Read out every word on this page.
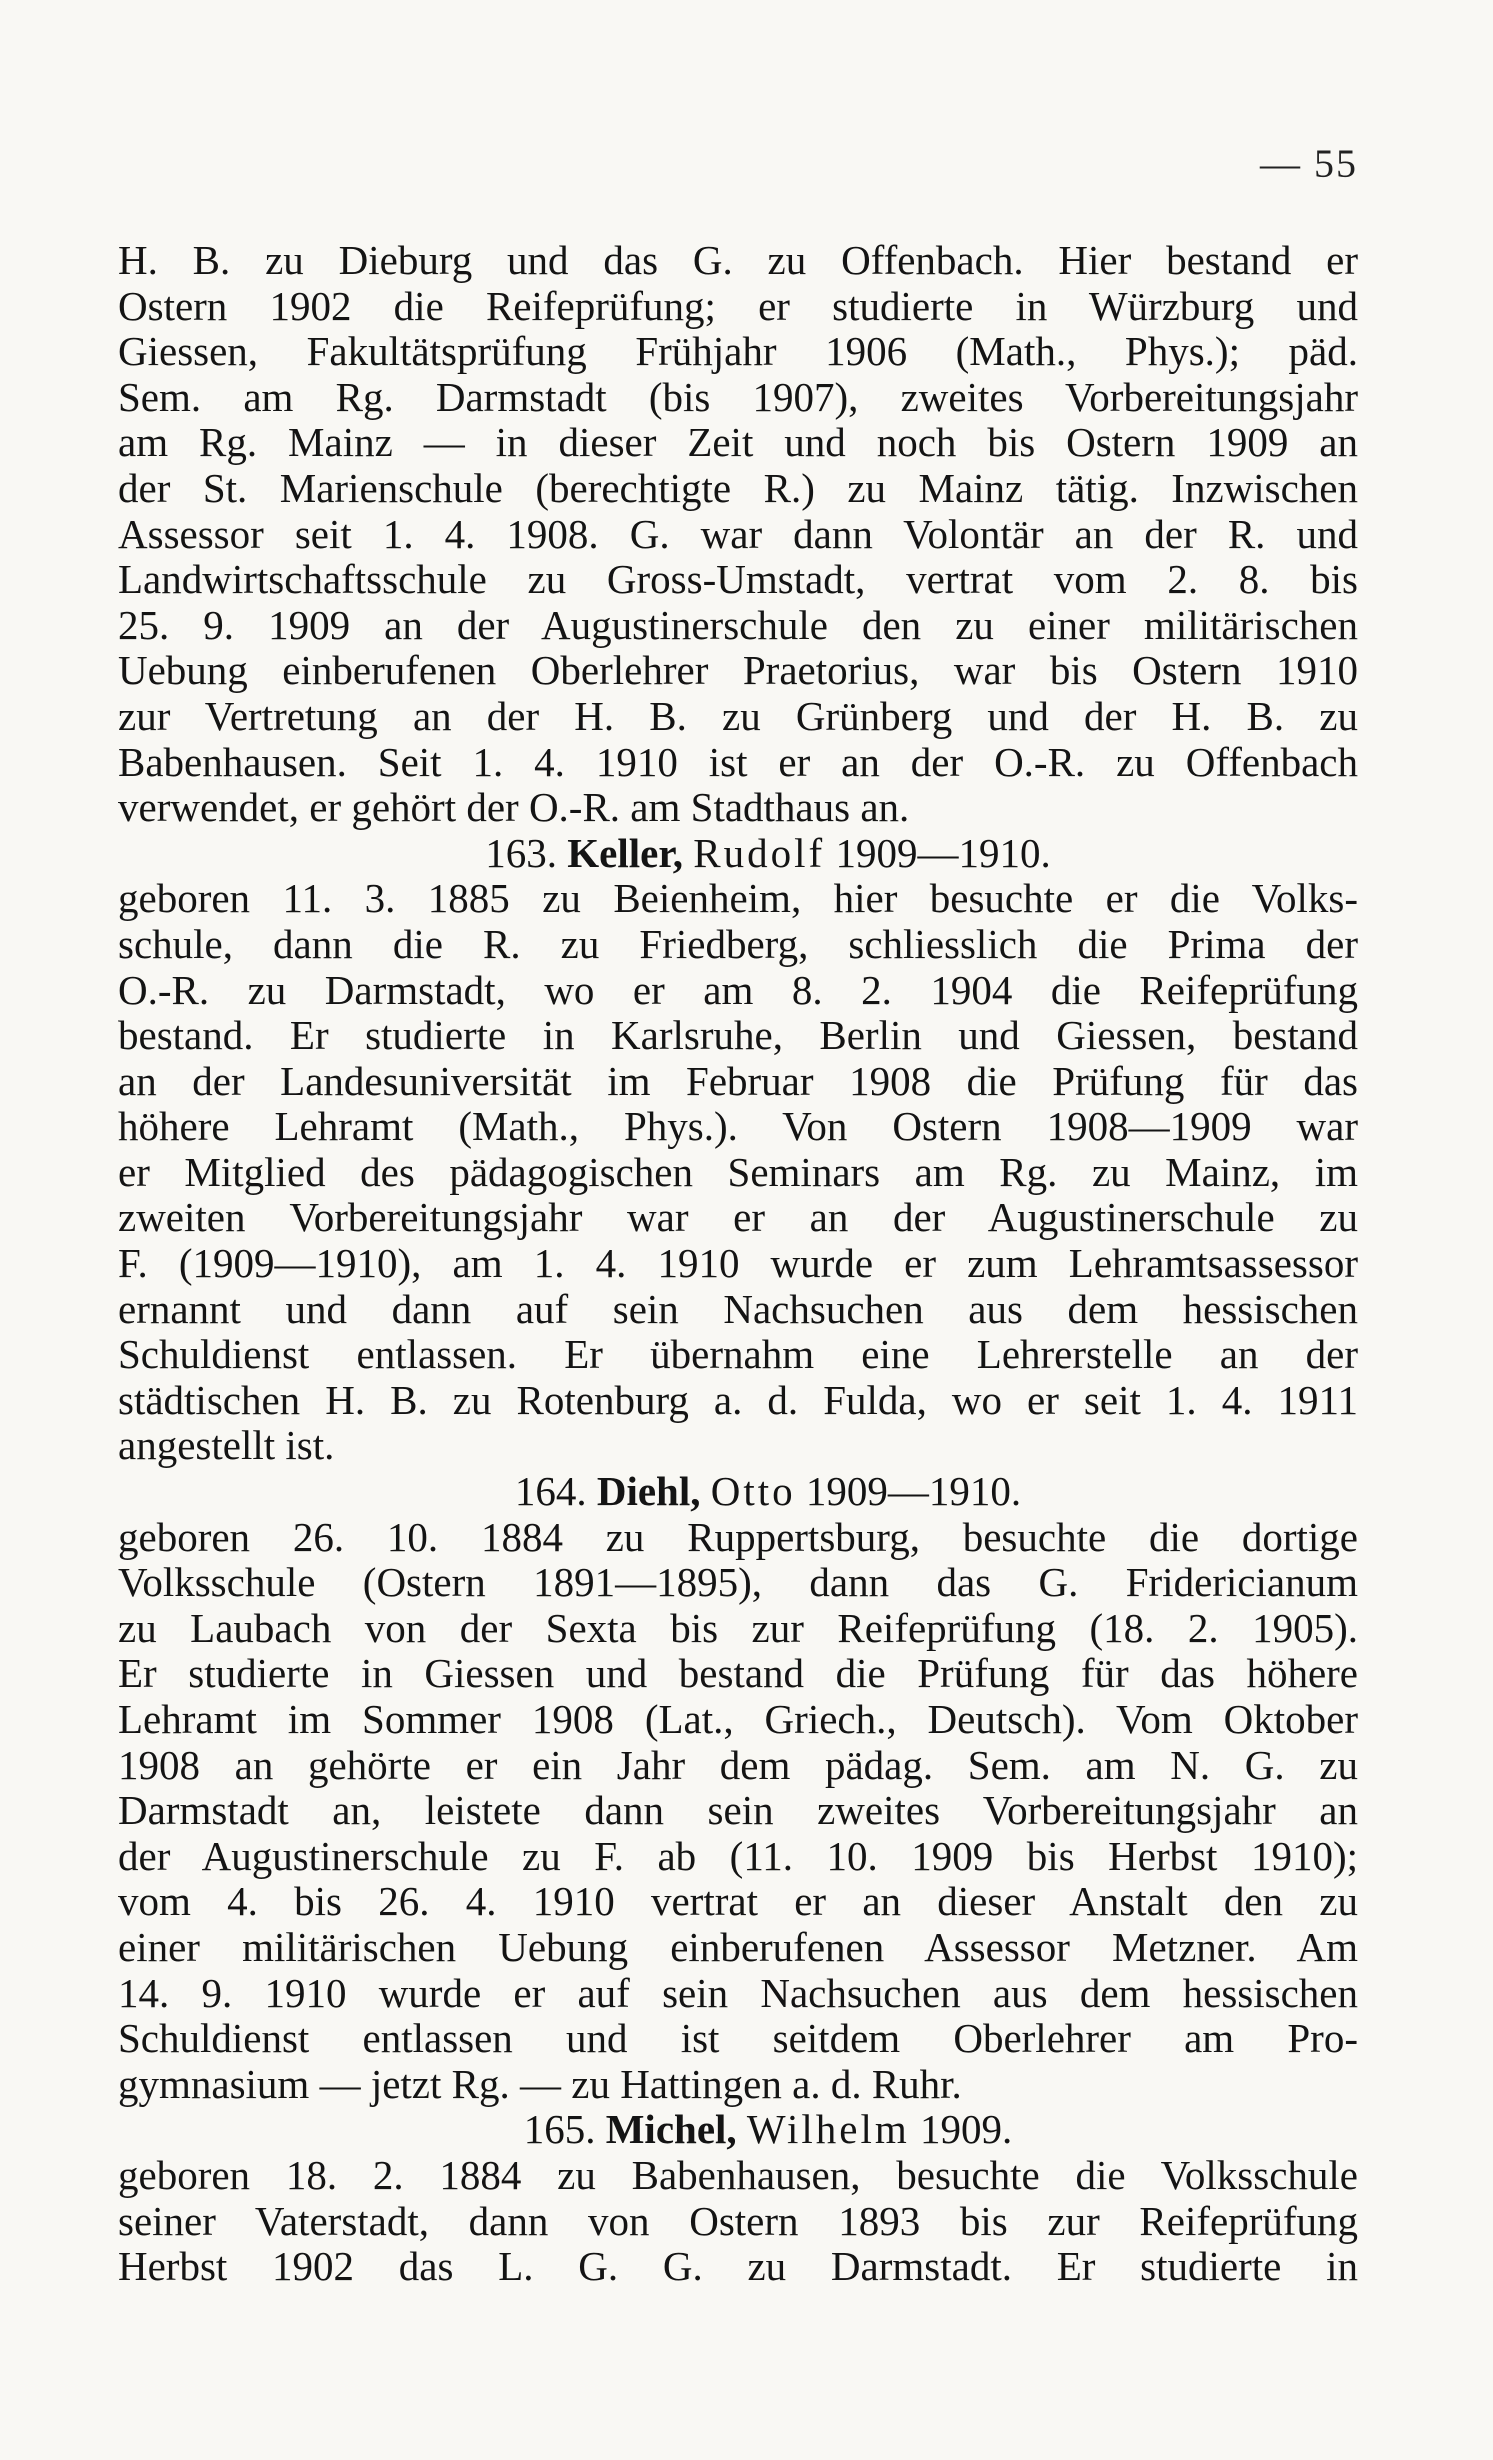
— 55
H. B. zu Dieburg und das G. zu Offenbach. Hier bestand er
Ostern 1902 die Reifeprüfung; er studierte in Würzburg und
Giessen, Fakultätsprüfung Frühjahr 1906 (Math., Phys.); päd.
Sem. am Rg. Darmstadt (bis 1907), zweites Vorbereitungsjahr
am Rg. Mainz — in dieser Zeit und noch bis Ostern 1909 an
der St. Marienschule (berechtigte R.) zu Mainz tätig. Inzwischen
Assessor seit 1. 4. 1908. G. war dann Volontär an der R. und
Landwirtschaftsschule zu Gross-Umstadt, vertrat vom 2. 8. bis
25. 9. 1909 an der Augustinerschule den zu einer militärischen
Uebung einberufenen Oberlehrer Praetorius, war bis Ostern 1910
zur Vertretung an der H. B. zu Grünberg und der H. B. zu
Babenhausen. Seit 1. 4. 1910 ist er an der O.-R. zu Offenbach
verwendet, er gehört der O.-R. am Stadthaus an.
163. Keller, Rudolf 1909—1910.
geboren 11. 3. 1885 zu Beienheim, hier besuchte er die Volks-
schule, dann die R. zu Friedberg, schliesslich die Prima der
O.-R. zu Darmstadt, wo er am 8. 2. 1904 die Reifeprüfung
bestand. Er studierte in Karlsruhe, Berlin und Giessen, bestand
an der Landesuniversität im Februar 1908 die Prüfung für das
höhere Lehramt (Math., Phys.). Von Ostern 1908—1909 war
er Mitglied des pädagogischen Seminars am Rg. zu Mainz, im
zweiten Vorbereitungsjahr war er an der Augustinerschule zu
F. (1909—1910), am 1. 4. 1910 wurde er zum Lehramtsassessor
ernannt und dann auf sein Nachsuchen aus dem hessischen
Schuldienst entlassen. Er übernahm eine Lehrerstelle an der
städtischen H. B. zu Rotenburg a. d. Fulda, wo er seit 1. 4. 1911
angestellt ist.
164. Diehl, Otto 1909—1910.
geboren 26. 10. 1884 zu Ruppertsburg, besuchte die dortige
Volksschule (Ostern 1891—1895), dann das G. Fridericianum
zu Laubach von der Sexta bis zur Reifeprüfung (18. 2. 1905).
Er studierte in Giessen und bestand die Prüfung für das höhere
Lehramt im Sommer 1908 (Lat., Griech., Deutsch). Vom Oktober
1908 an gehörte er ein Jahr dem pädag. Sem. am N. G. zu
Darmstadt an, leistete dann sein zweites Vorbereitungsjahr an
der Augustinerschule zu F. ab (11. 10. 1909 bis Herbst 1910);
vom 4. bis 26. 4. 1910 vertrat er an dieser Anstalt den zu
einer militärischen Uebung einberufenen Assessor Metzner. Am
14. 9. 1910 wurde er auf sein Nachsuchen aus dem hessischen
Schuldienst entlassen und ist seitdem Oberlehrer am Pro-
gymnasium — jetzt Rg. — zu Hattingen a. d. Ruhr.
165. Michel, Wilhelm 1909.
geboren 18. 2. 1884 zu Babenhausen, besuchte die Volksschule
seiner Vaterstadt, dann von Ostern 1893 bis zur Reifeprüfung
Herbst 1902 das L. G. G. zu Darmstadt. Er studierte in
